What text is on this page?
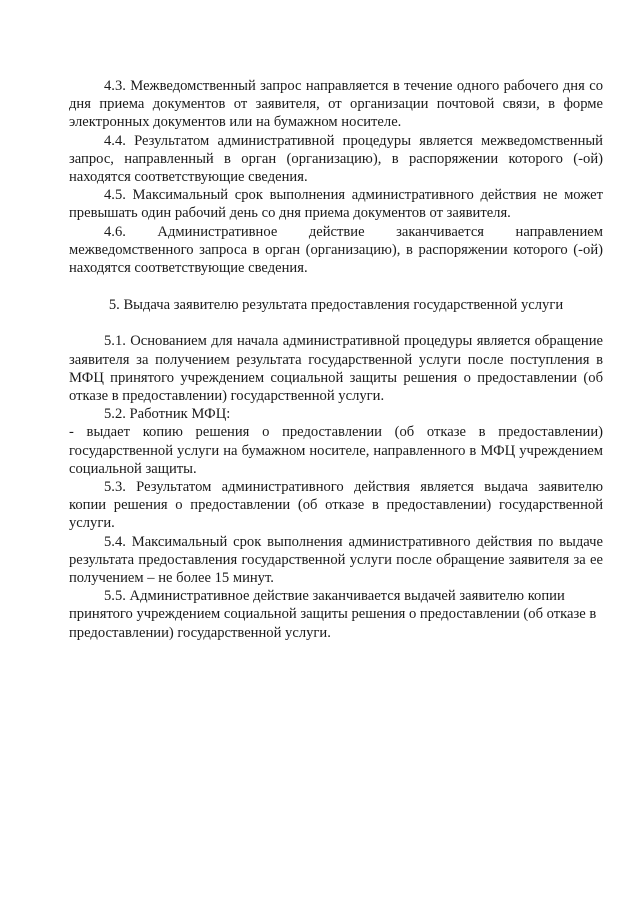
4.3. Межведомственный запрос направляется в течение одного рабочего дня со дня приема документов от заявителя, от организации почтовой связи, в форме электронных документов или на бумажном носителе.

4.4. Результатом административной процедуры является межведомственный запрос, направленный в орган (организацию), в распоряжении которого (-ой) находятся соответствующие сведения.

4.5. Максимальный срок выполнения административного действия не может превышать один рабочий день со дня приема документов от заявителя.

4.6. Административное действие заканчивается направлением межведомственного запроса в орган (организацию), в распоряжении которого (-ой) находятся соответствующие сведения.

5. Выдача заявителю результата предоставления государственной услуги

5.1. Основанием для начала административной процедуры является обращение заявителя за получением результата государственной услуги после поступления в МФЦ принятого учреждением социальной защиты решения о предоставлении (об отказе в предоставлении) государственной услуги.

5.2. Работник МФЦ:

- выдает копию решения о предоставлении (об отказе в предоставлении) государственной услуги на бумажном носителе, направленного в МФЦ учреждением социальной защиты.

5.3. Результатом административного действия является выдача заявителю копии решения о предоставлении (об отказе в предоставлении) государственной услуги.

5.4. Максимальный срок выполнения административного действия по выдаче результата предоставления государственной услуги после обращение заявителя за ее получением – не более 15 минут.

5.5. Административное действие заканчивается выдачей заявителю копии принятого учреждением социальной защиты решения о предоставлении (об отказе в предоставлении) государственной услуги.
